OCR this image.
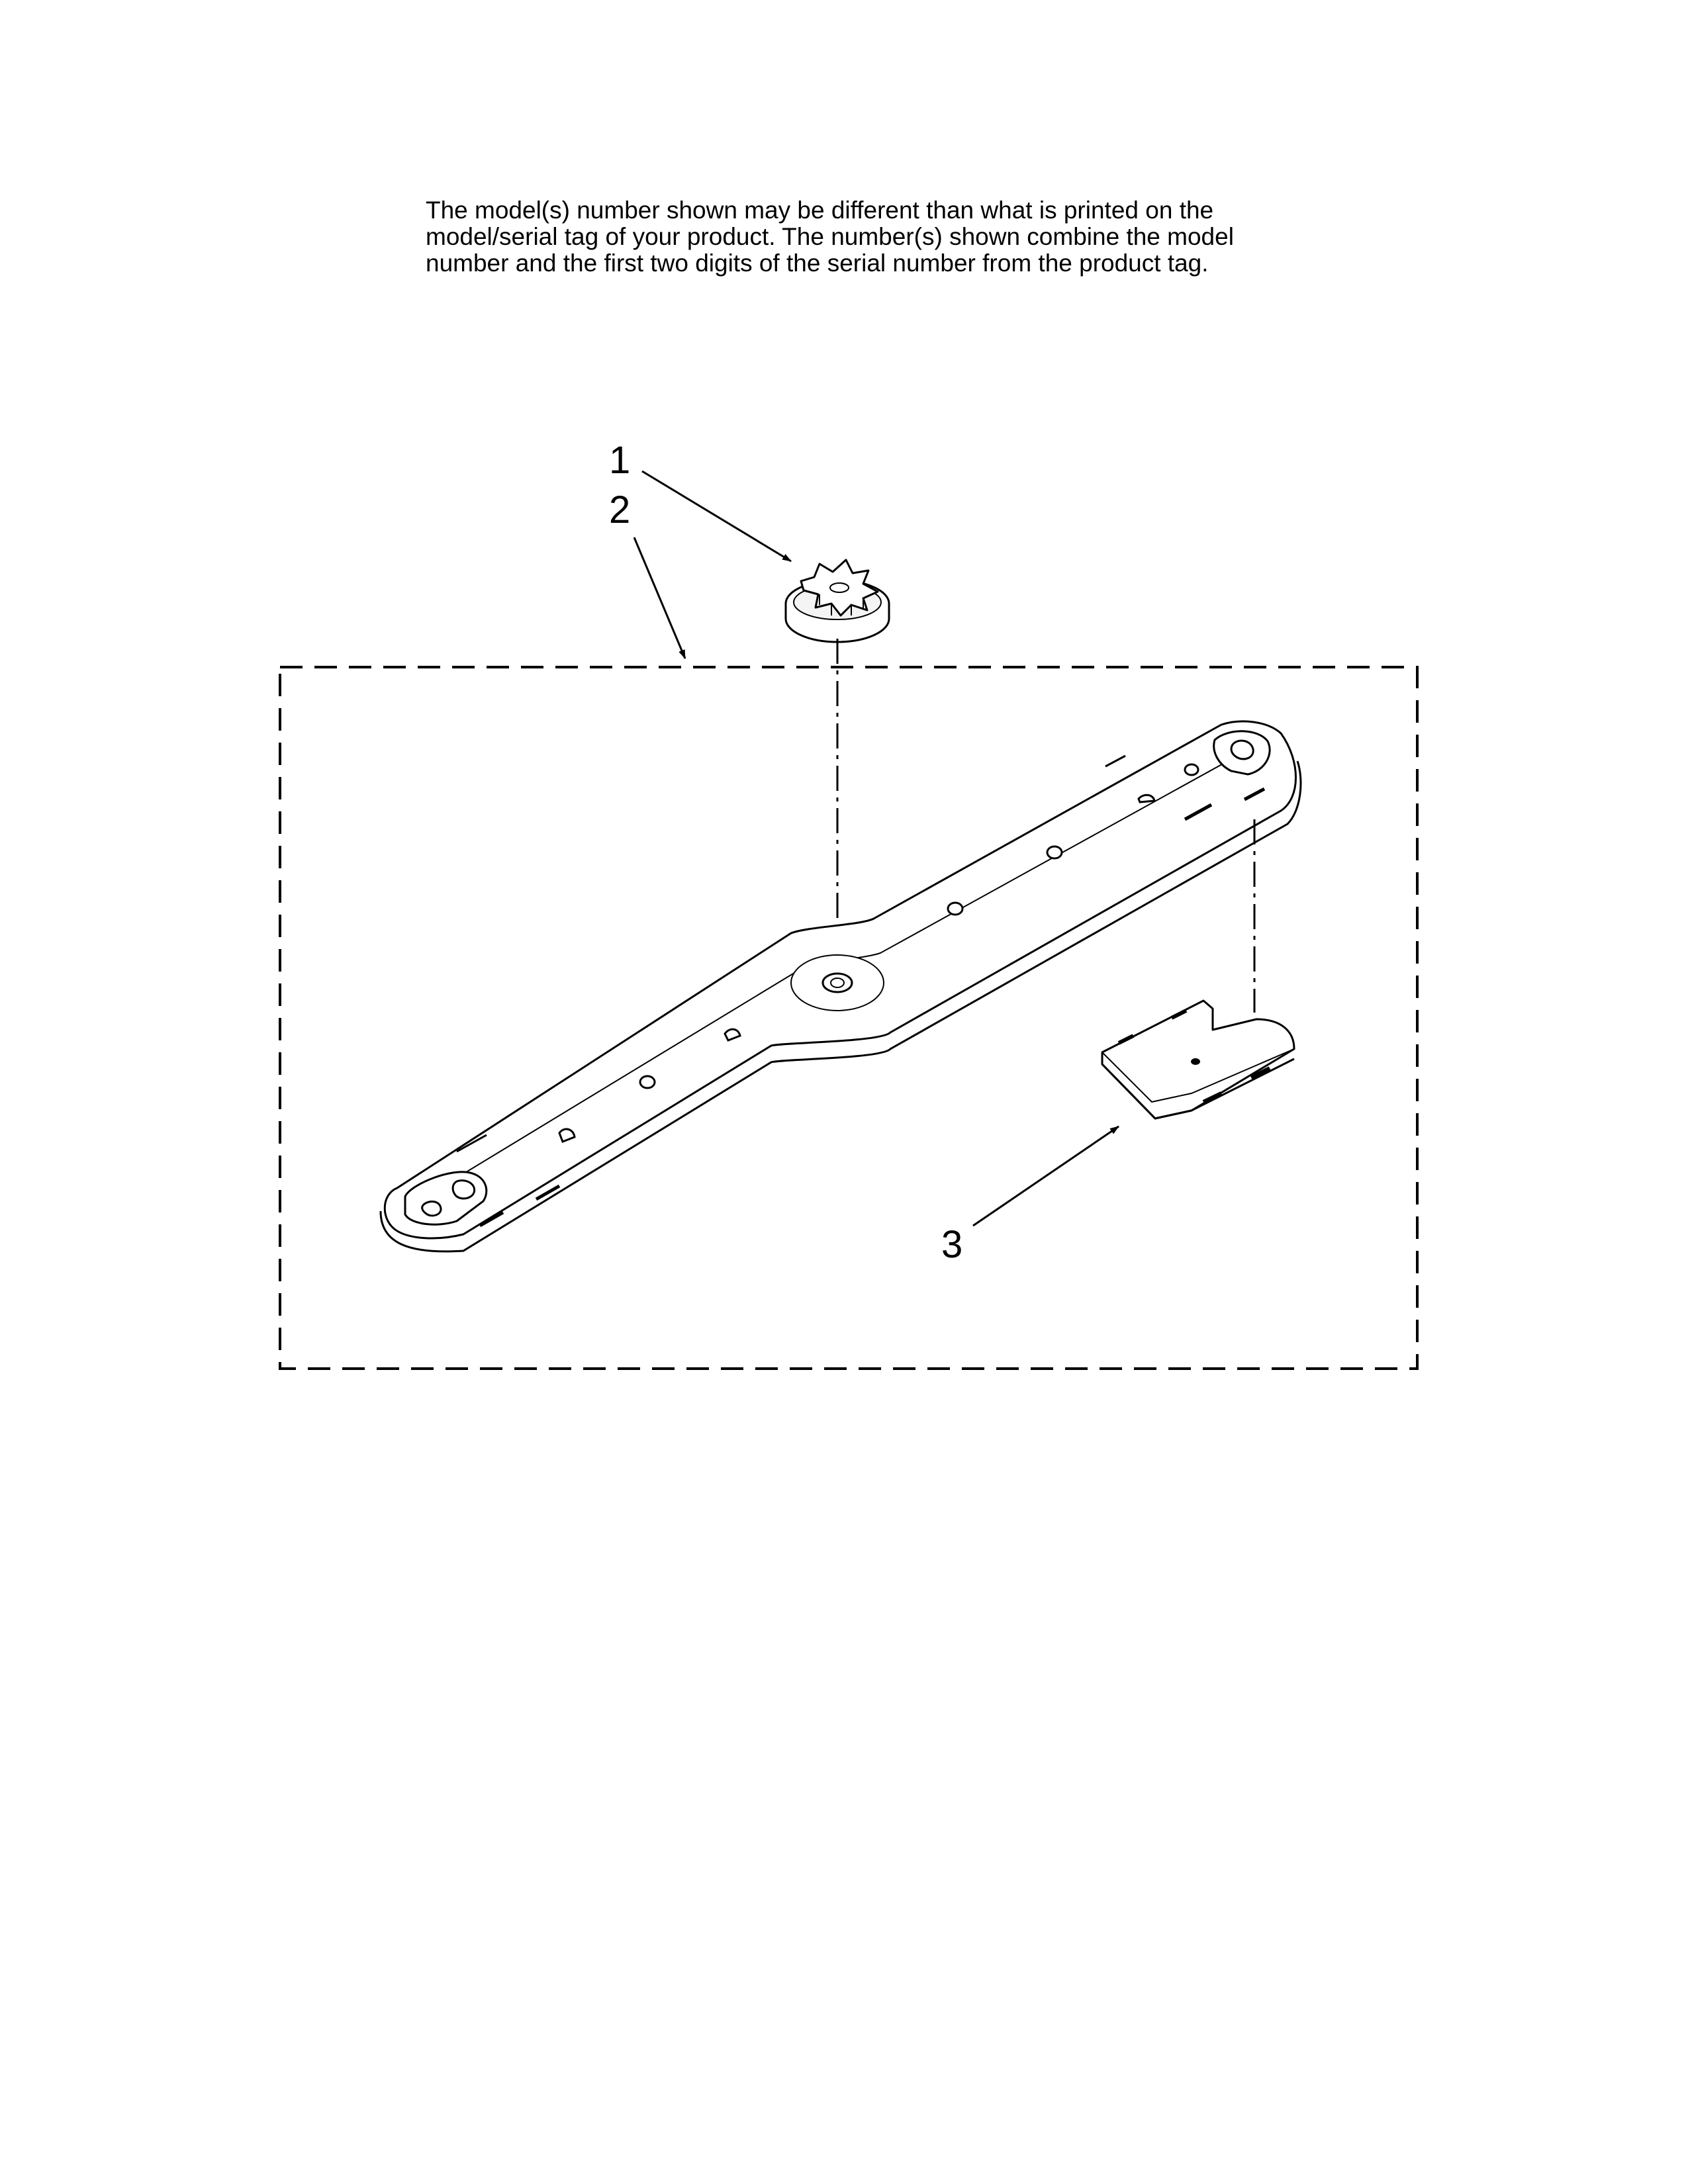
The model(s) number shown may be different than what is printed on the
model/serial tag of your product. The number(s) shown combine the model
number and the first two digits of the serial number from the product tag.
1
2
3
